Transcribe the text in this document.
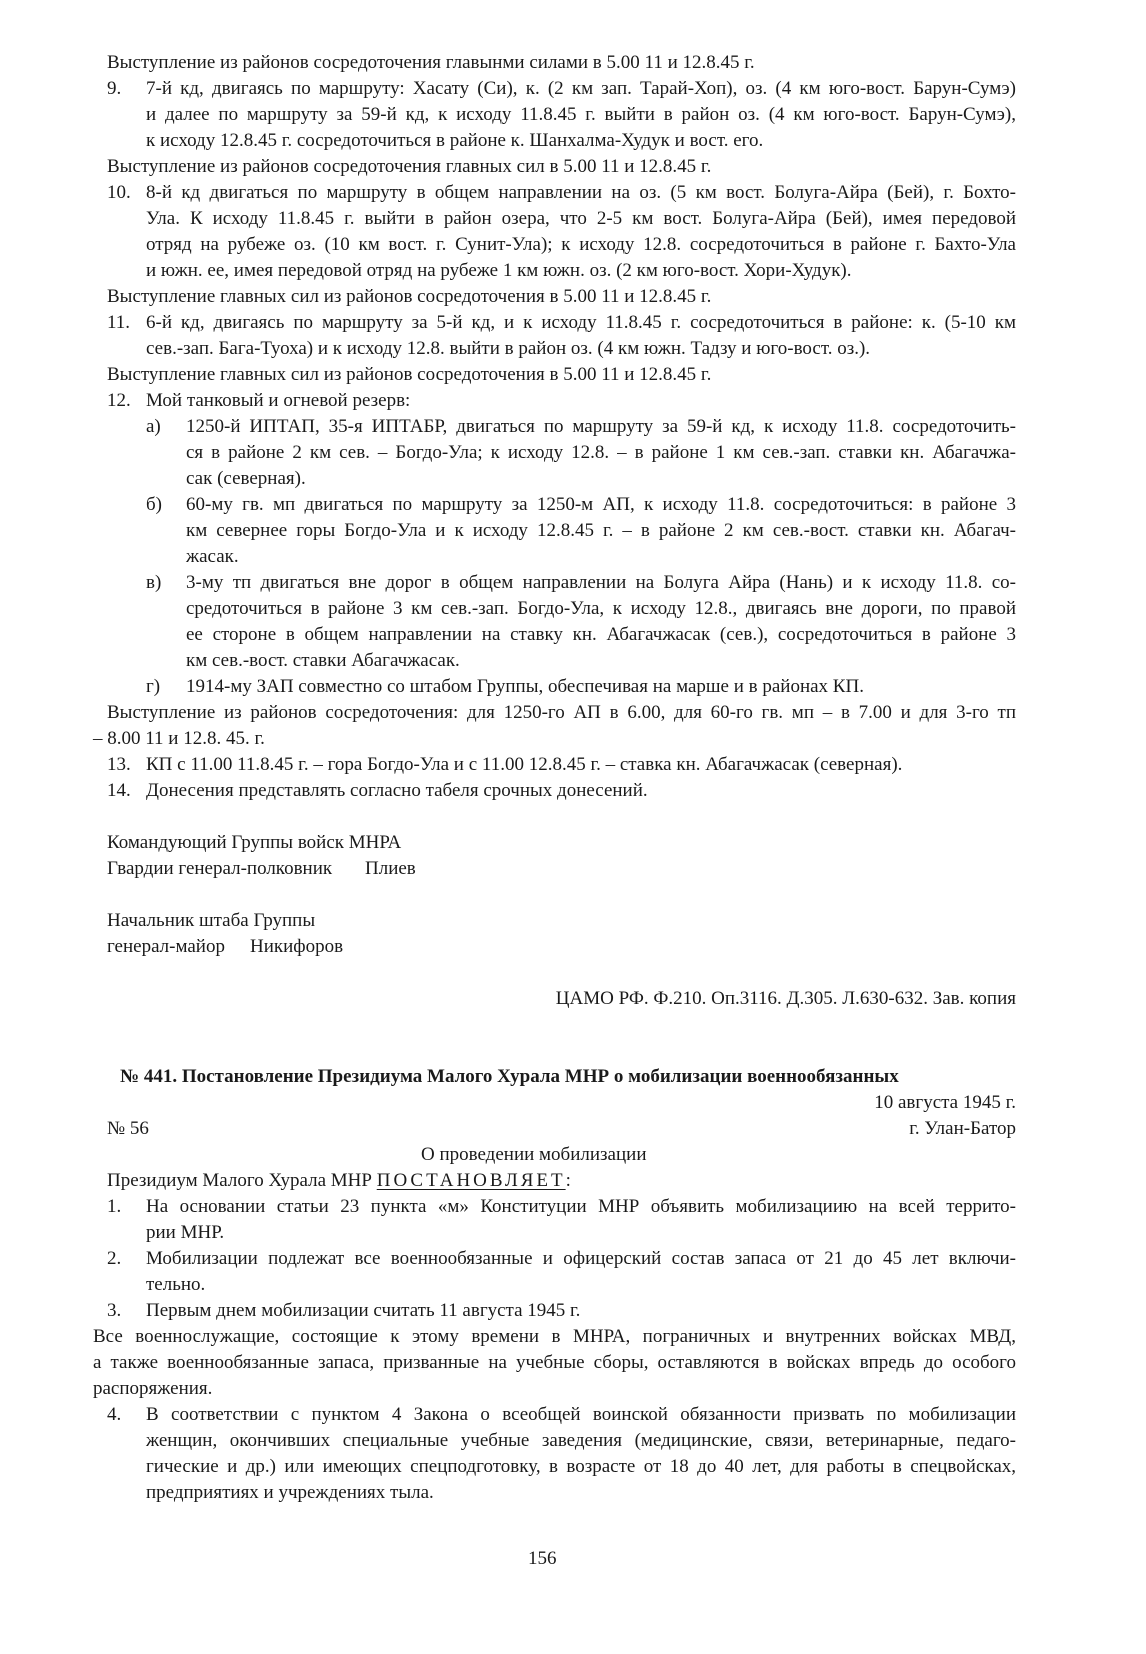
Выступление из районов сосредоточения главынми силами в 5.00 11 и 12.8.45 г.
9. 7-й кд, двигаясь по маршруту: Хасату (Си), к. (2 км зап. Тарай-Хоп), оз. (4 км юго-вост. Барун-Сумэ)
и далее по маршруту за 59-й кд, к исходу 11.8.45 г. выйти в район оз. (4 км юго-вост. Барун-Сумэ),
к исходу 12.8.45 г. сосредоточиться в районе к. Шанхалма-Худук и вост. его.
Выступление из районов сосредоточения главных сил в 5.00 11 и 12.8.45 г.
10. 8-й кд двигаться по маршруту в общем направлении на оз. (5 км вост. Болуга-Айра (Бей), г. Бохто-
Ула. К исходу 11.8.45 г. выйти в район озера, что 2-5 км вост. Болуга-Айра (Бей), имея передовой
отряд на рубеже оз. (10 км вост. г. Сунит-Ула); к исходу 12.8. сосредоточиться в районе г. Бахто-Ула
и южн. ее, имея передовой отряд на рубеже 1 км южн. оз. (2 км юго-вост. Хори-Худук).
Выступление главных сил из районов сосредоточения в 5.00 11 и 12.8.45 г.
11. 6-й кд, двигаясь по маршруту за 5-й кд, и к исходу 11.8.45 г. сосредоточиться в районе: к. (5-10 км
сев.-зап. Бага-Туоха) и к исходу 12.8. выйти в район оз. (4 км южн. Тадзу и юго-вост. оз.).
Выступление главных сил из районов сосредоточения в 5.00 11 и 12.8.45 г.
12. Мой танковый и огневой резерв:
а) 1250-й ИПТАП, 35-я ИПТАБР, двигаться по маршруту за 59-й кд, к исходу 11.8. сосредоточить-
ся в районе 2 км сев. – Богдо-Ула; к исходу 12.8. – в районе 1 км сев.-зап. ставки кн. Абагачжа-
сак (северная).
б) 60-му гв. мп двигаться по маршруту за 1250-м АП, к исходу 11.8. сосредоточиться: в районе 3
км севернее горы Богдо-Ула и к исходу 12.8.45 г. – в районе 2 км сев.-вост. ставки кн. Абагач-
жасак.
в) 3-му тп двигаться вне дорог в общем направлении на Болуга Айра (Нань) и к исходу 11.8. со-
средоточиться в районе 3 км сев.-зап. Богдо-Ула, к исходу 12.8., двигаясь вне дороги, по правой
ее стороне в общем направлении на ставку кн. Абагачжасак (сев.), сосредоточиться в районе 3
км сев.-вост. ставки Абагачжасак.
г) 1914-му ЗАП совместно со штабом Группы, обеспечивая на марше и в районах КП.
Выступление из районов сосредоточения: для 1250-го АП в 6.00, для 60-го гв. мп – в 7.00 и для 3-го тп
– 8.00 11 и 12.8. 45. г.
13. КП с 11.00 11.8.45 г. – гора Богдо-Ула и с 11.00 12.8.45 г. – ставка кн. Абагачжасак (северная).
14. Донесения представлять согласно табеля срочных донесений.
Командующий Группы войск МНРА
Гвардии генерал-полковник Плиев
Начальник штаба Группы
генерал-майор Никифоров
ЦАМО РФ. Ф.210. Оп.3116. Д.305. Л.630-632. Зав. копия
№ 441. Постановление Президиума Малого Хурала МНР о мобилизации военнообязанных
10 августа 1945 г.
№ 56	г. Улан-Батор
О проведении мобилизации
Президиум Малого Хурала МНР ПОСТАНОВЛЯЕТ:
1. На основании статьи 23 пункта «м» Конституции МНР объявить мобилизациию на всей террито-
рии МНР.
2. Мобилизации подлежат все военнообязанные и офицерский состав запаса от 21 до 45 лет включи-
тельно.
3. Первым днем мобилизации считать 11 августа 1945 г.
Все военнослужащие, состоящие к этому времени в МНРА, пограничных и внутренних войсках МВД,
а также военнообязанные запаса, призванные на учебные сборы, оставляются в войсках впредь до особого
распоряжения.
4. В соответствии с пунктом 4 Закона о всеобщей воинской обязанности призвать по мобилизации
женщин, окончивших специальные учебные заведения (медицинские, связи, ветеринарные, педаго-
гические и др.) или имеющих спецподготовку, в возрасте от 18 до 40 лет, для работы в спецвойсках,
предприятиях и учреждениях тыла.
156
